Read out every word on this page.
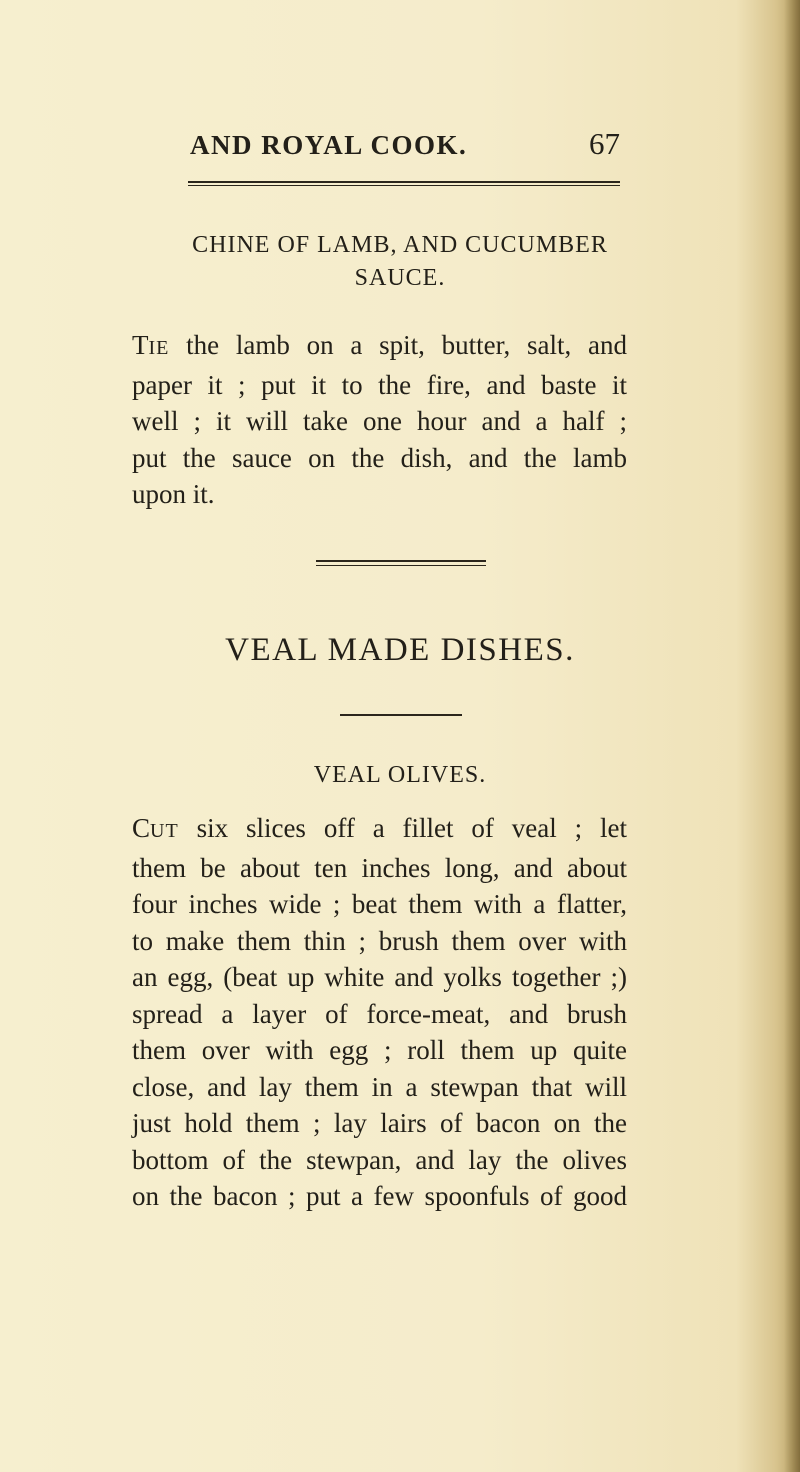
AND ROYAL COOK.	67
CHINE OF LAMB, AND CUCUMBER
SAUCE.
TIE the lamb on a spit, butter, salt, and
paper it ; put it to the fire, and baste it
well ; it will take one hour and a half ;
put the sauce on the dish, and the lamb
upon it.
VEAL MADE DISHES.
VEAL OLIVES.
CUT six slices off a fillet of veal ; let
them be about ten inches long, and about
four inches wide ; beat them with a flatter,
to make them thin ; brush them over with
an egg, (beat up white and yolks together ;)
spread a layer of force-meat, and brush
them over with egg ; roll them up quite
close, and lay them in a stewpan that will
just hold them ; lay lairs of bacon on the
bottom of the stewpan, and lay the olives
on the bacon ; put a few spoonfuls of good
